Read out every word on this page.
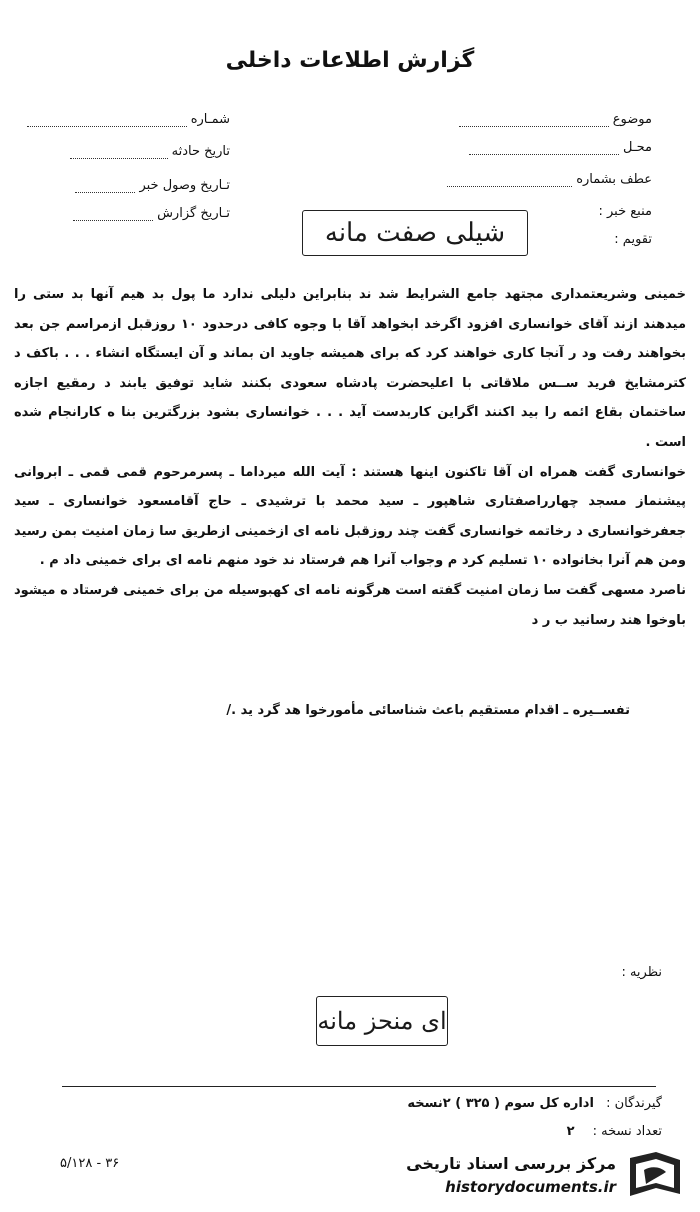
گزارش اطلاعات داخلی
موضوع
محـل
عطف بشماره
منبع خبر :
تقویم :
شمـاره
تاریخ حادثه
تـاریخ وصول خبر
تـاریخ گزارش
شیلی صفت مانه

خمینی وشریعتمداری مجتهد جامع الشرایط شد ند بنابراین دلیلی ندارد ما پول بد هیم آنها بد ستی را میدهند ازند آقای خوانساری افزود اگرخد ابخواهد آقا با وجوه کافی درحدود ۱۰ روزقبل ازمراسم جن بعد بخواهند رفت ود ر آنجا کاری خواهند کرد که برای همیشه جاوید ان بماند و آن ایستگاه انشاء . . . باکف د کترمشایخ فرید ســس ملاقاتی با اعلیحضرت پادشاه سعودی بکنند شاید توفیق یابند د رمقیع اجازه ساختمان بقاع ائمه را بید اکنند اگراین کاربدست آید . . . خوانساری بشود بزرگترین بنا ه کارانجام شده است .

خوانساری گفت همراه ان آقا تاکنون اینها هستند : آیت الله میرداما ـ پسرمرحوم قمی قمی ـ ابروانی پیشنماز مسجد چهارراصفتاری شاهپور ـ سید محمد با ترشیدی ـ حاج آقامسعود خوانساری ـ سید جعفرخوانساری د رخاتمه خوانساری گفت چند روزقبل نامه ای ازخمینی ازطریق سا زمان امنیت بمن رسید ومن هم آنرا بخانواده ۱۰ تسلیم کرد م وجواب آنرا هم فرستاد ند خود منهم نامه ای برای خمینی داد م .

ناصرد مسهی گفت سا زمان امنیت گفته است هرگونه نامه ای کهبوسیله من برای خمینی فرستاد ه میشود باوخوا هند رسانید ب ر د

تفســیره ـ اقدام مستقیم باعث شناسائی مأمورخوا هد گرد ید ./
نظریه :
ای منحز مانه
گیرندگان : اداره کل سوم ( ۳۲۵ ) ۲نسخه
تعداد نسخه : ۲
۳۶ - ۵/۱۲۸	مرکز بررسی اسناد تاریخی
historydocuments.ir
